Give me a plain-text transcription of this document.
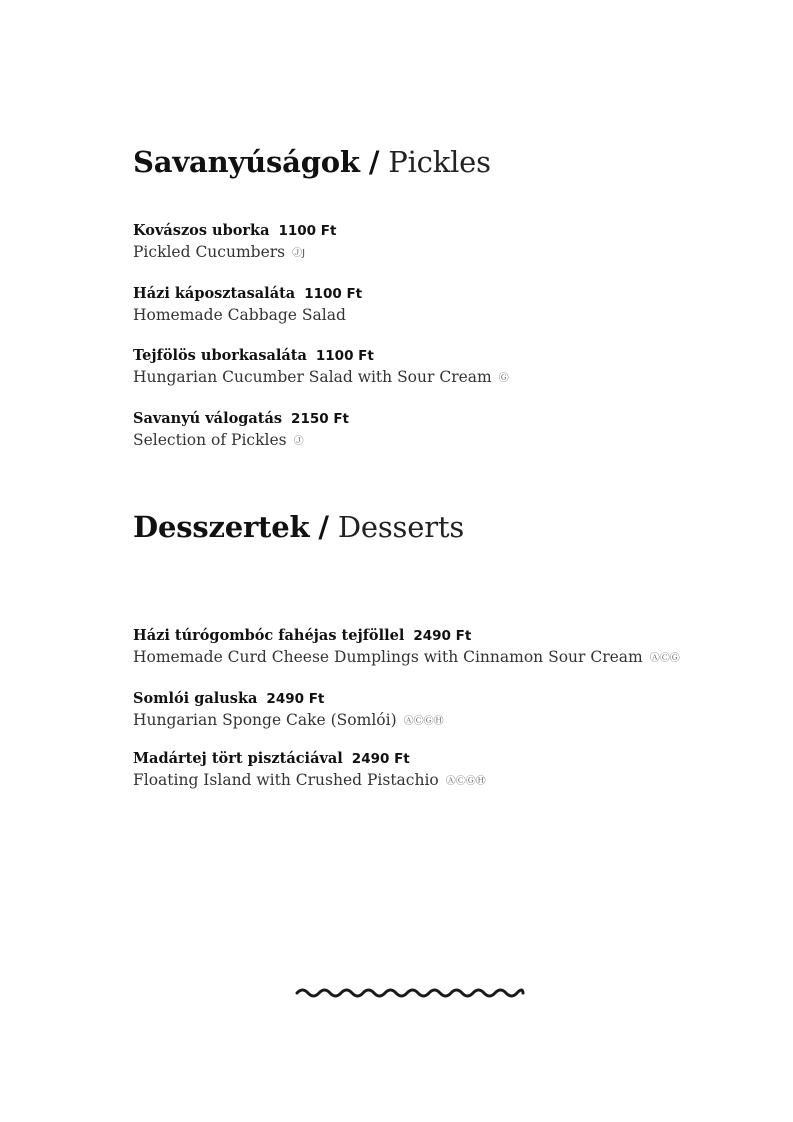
Savanyúságok / Pickles
Kovászos uborka 1100 Ft
Pickled Cucumbers ⒿJ
Házi káposztasaláta 1100 Ft
Homemade Cabbage Salad
Tejfölös uborkasaláta 1100 Ft
Hungarian Cucumber Salad with Sour Cream Ⓖ
Savanyú válogatás 2150 Ft
Selection of Pickles Ⓙ
Desszertek / Desserts
Házi túrógombóc fahéjas tejföllel 2490 Ft
Homemade Curd Cheese Dumplings with Cinnamon Sour Cream ⒶⒸⒼ
Somlói galuska 2490 Ft
Hungarian Sponge Cake (Somlói) ⒶⒸⒼⒽ
Madártej tört pisztáciával 2490 Ft
Floating Island with Crushed Pistachio ⒶⒸⒼⒽ
